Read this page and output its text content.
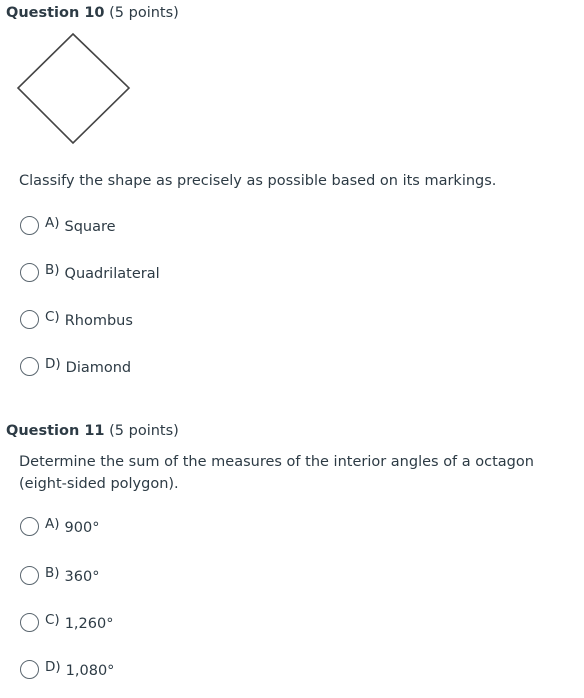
Question 10 (5 points)
Classify the shape as precisely as possible based on its markings.
A) Square
B) Quadrilateral
C) Rhombus
D) Diamond
Question 11 (5 points)
Determine the sum of the measures of the interior angles of a octagon (eight-sided polygon).
A) 900°
B) 360°
C) 1,260°
D) 1,080°
